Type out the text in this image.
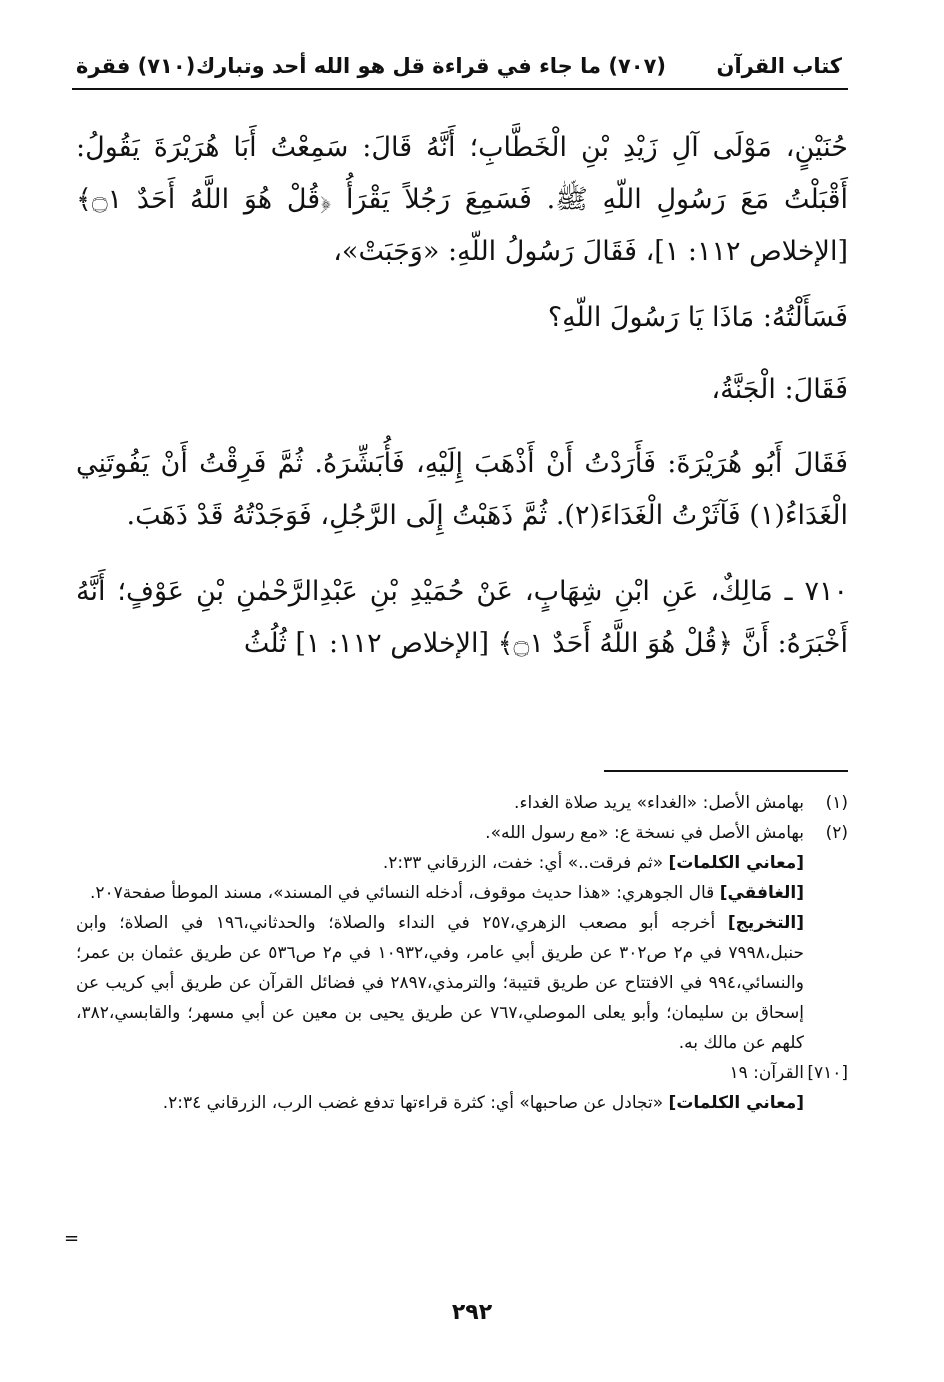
كتاب القرآن
(٧٠٧) ما جاء في قراءة قل هو الله أحد وتبارك
(٧١٠) فقرة

حُنَيْنٍ، مَوْلَى آلِ زَيْدِ بْنِ الْخَطَّابِ؛ أَنَّهُ قَالَ: سَمِعْتُ أَبَا هُرَيْرَةَ يَقُولُ: أَقْبَلْتُ مَعَ رَسُولِ اللّهِ ﷺ. فَسَمِعَ رَجُلاً يَقْرَأُ ﴿قُلْ هُوَ اللَّهُ أَحَدٌ ۝١﴾ [الإخلاص ١١٢: ١]، فَقَالَ رَسُولُ اللّهِ: «وَجَبَتْ»،

فَسَأَلْتُهُ: مَاذَا يَا رَسُولَ اللّهِ؟

فَقَالَ: الْجَنَّةُ،

فَقَالَ أَبُو هُرَيْرَةَ: فَأَرَدْتُ أَنْ أَذْهَبَ إِلَيْهِ، فَأُبَشِّرَهُ. ثُمَّ فَرِقْتُ أَنْ يَفُوتَنِي الْغَدَاءُ(١) فَآثَرْتُ الْغَدَاءَ(٢). ثُمَّ ذَهَبْتُ إِلَى الرَّجُلِ، فَوَجَدْتُهُ قَدْ ذَهَبَ.

٧١٠ ـ مَالِكٌ، عَنِ ابْنِ شِهَابٍ، عَنْ حُمَيْدِ بْنِ عَبْدِالرَّحْمٰنِ بْنِ عَوْفٍ؛ أَنَّهُ أَخْبَرَهُ: أَنَّ ﴿قُلْ هُوَ اللَّهُ أَحَدٌ ۝١﴾ [الإخلاص ١١٢: ١] ثُلُثُ

(١)
بهامش الأصل: «الغداء» يريد صلاة الغداء.
(٢)
بهامش الأصل في نسخة ع: «مع رسول الله».
[معاني الكلمات] «ثم فرقت..» أي: خفت، الزرقاني ٢:٣٣.
[الغافقي] قال الجوهري: «هذا حديث موقوف، أدخله النسائي في المسند»، مسند الموطأ صفحة٢٠٧.
[التخريج] أخرجه أبو مصعب الزهري،٢٥٧ في النداء والصلاة؛ والحدثاني،١٩٦ في الصلاة؛ وابن حنبل،٧٩٩٨ في م٢ ص٣٠٢ عن طريق أبي عامر، وفي،١٠٩٣٢ في م٢ ص٥٣٦ عن طريق عثمان بن عمر؛ والنسائي،٩٩٤ في الافتتاح عن طريق قتيبة؛ والترمذي،٢٨٩٧ في فضائل القرآن عن طريق أبي كريب عن إسحاق بن سليمان؛ وأبو يعلى الموصلي،٧٦٧ عن طريق يحيى بن معين عن أبي مسهر؛ والقابسي،٣٨٢، كلهم عن مالك به.
[٧١٠]
القرآن: ١٩
[معاني الكلمات] «تجادل عن صاحبها» أي: كثرة قراءتها تدفع غضب الرب، الزرقاني ٢:٣٤.
=
٢٩٢
